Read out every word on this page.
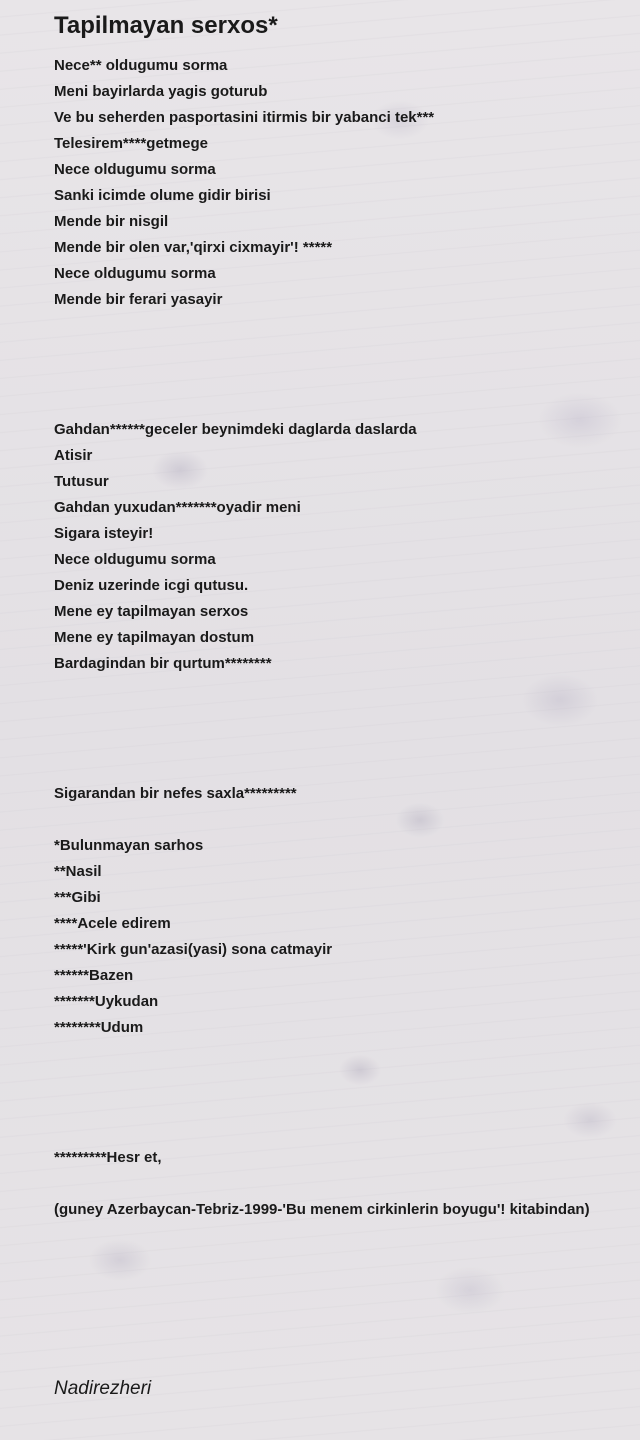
Tapilmayan serxos*
Nece** oldugumu sorma
Meni bayirlarda yagis goturub
Ve bu seherden pasportasini itirmis bir yabanci tek***
Telesirem****getmege
Nece oldugumu sorma
Sanki icimde olume gidir birisi
Mende bir nisgil
Mende bir olen var,'qirxi cixmayir'! *****
Nece oldugumu sorma
Mende bir ferari yasayir
Gahdan******geceler beynimdeki daglarda daslarda
Atisir
Tutusur
Gahdan yuxudan*******oyadir meni
Sigara isteyir!
Nece oldugumu sorma
Deniz uzerinde icgi qutusu.
Mene ey tapilmayan serxos
Mene ey tapilmayan dostum
Bardagindan bir qurtum********
Sigarandan bir nefes saxla*********
*Bulunmayan sarhos
**Nasil
***Gibi
****Acele edirem
*****'Kirk gun'azasi(yasi) sona catmayir
******Bazen
*******Uykudan
********Udum
*********Hesr et,
(guney Azerbaycan-Tebriz-1999-'Bu menem cirkinlerin boyugu'! kitabindan)
Nadirezheri
